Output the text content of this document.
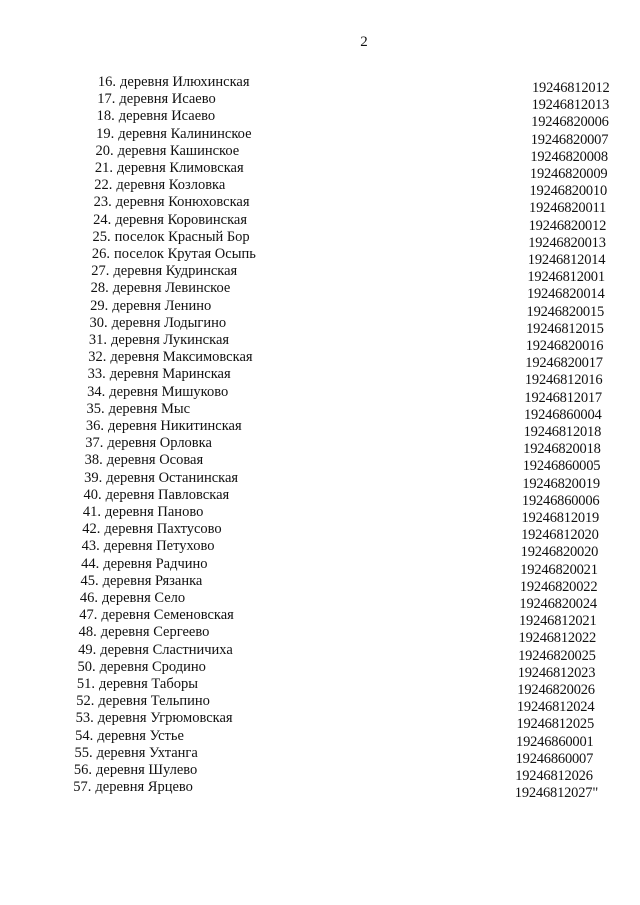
2
16. деревня Илюхинская	19246812012
17. деревня Исаево	19246812013
18. деревня Исаево	19246820006
19. деревня Калининское	19246820007
20. деревня Кашинское	19246820008
21. деревня Климовская	19246820009
22. деревня Козловка	19246820010
23. деревня Конюховская	19246820011
24. деревня Коровинская	19246820012
25. поселок Красный Бор	19246820013
26. поселок Крутая Осыпь	19246812014
27. деревня Кудринская	19246812001
28. деревня Левинское	19246820014
29. деревня Ленино	19246820015
30. деревня Лодыгино	19246812015
31. деревня Лукинская	19246820016
32. деревня Максимовская	19246820017
33. деревня Маринская	19246812016
34. деревня Мишуково	19246812017
35. деревня Мыс	19246860004
36. деревня Никитинская	19246812018
37. деревня Орловка	19246820018
38. деревня Осовая	19246860005
39. деревня Останинская	19246820019
40. деревня Павловская	19246860006
41. деревня Паново	19246812019
42. деревня Пахтусово	19246812020
43. деревня Петухово	19246820020
44. деревня Радчино	19246820021
45. деревня Рязанка	19246820022
46. деревня Село	19246820024
47. деревня Семеновская	19246812021
48. деревня Сергеево	19246812022
49. деревня Сластничиха	19246820025
50. деревня Сродино	19246812023
51. деревня Таборы	19246820026
52. деревня Тельпино	19246812024
53. деревня Угрюмовская	19246812025
54. деревня Устье	19246860001
55. деревня Ухтанга	19246860007
56. деревня Шулево	19246812026
57. деревня Ярцево	19246812027"
